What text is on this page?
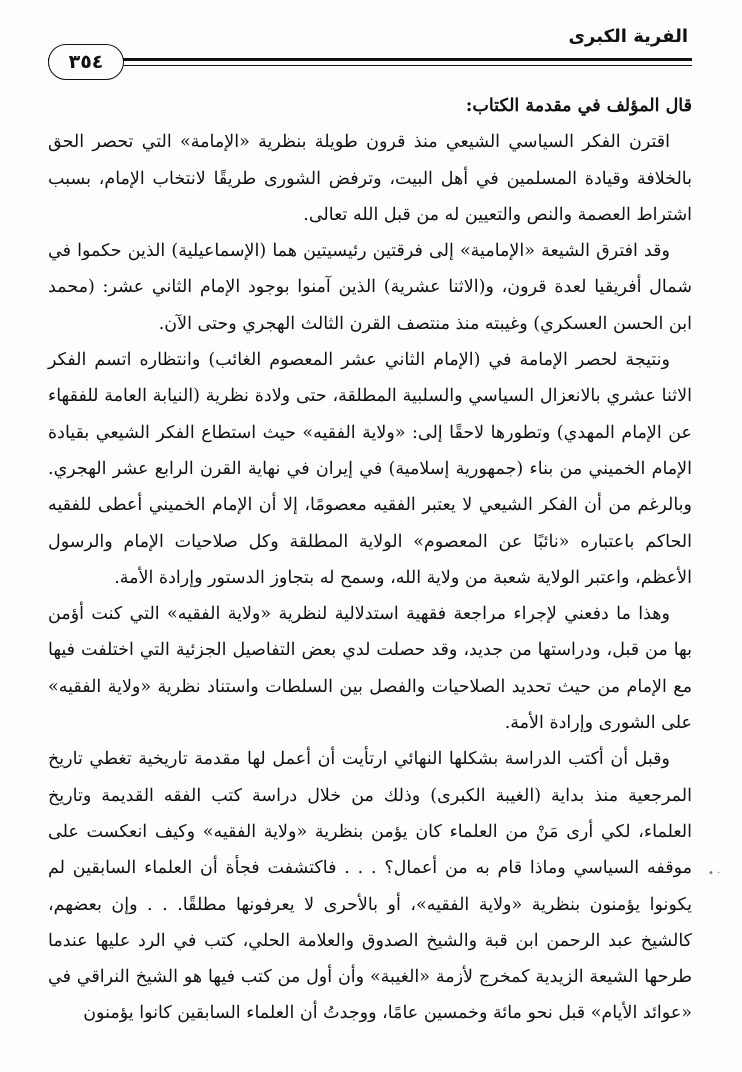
الفرية الكبرى
٣٥٤
قال المؤلف في مقدمة الكتاب:

اقترن الفكر السياسي الشيعي منذ قرون طويلة بنظرية «الإمامة» التي تحصر الحق بالخلافة وقيادة المسلمين في أهل البيت، وترفض الشورى طريقًا لانتخاب الإمام، بسبب اشتراط العصمة والنص والتعيين له من قبل الله تعالى.

وقد افترق الشيعة «الإمامية» إلى فرقتين رئيسيتين هما (الإسماعيلية) الذين حكموا في شمال أفريقيا لعدة قرون، و(الاثنا عشرية) الذين آمنوا بوجود الإمام الثاني عشر: (محمد ابن الحسن العسكري) وغيبته منذ منتصف القرن الثالث الهجري وحتى الآن.

ونتيجة لحصر الإمامة في (الإمام الثاني عشر المعصوم الغائب) وانتظاره اتسم الفكر الاثنا عشري بالانعزال السياسي والسلبية المطلقة، حتى ولادة نظرية (النيابة العامة للفقهاء عن الإمام المهدي) وتطورها لاحقًا إلى: «ولاية الفقيه» حيث استطاع الفكر الشيعي بقيادة الإمام الخميني من بناء (جمهورية إسلامية) في إيران في نهاية القرن الرابع عشر الهجري. وبالرغم من أن الفكر الشيعي لا يعتبر الفقيه معصومًا، إلا أن الإمام الخميني أعطى للفقيه الحاكم باعتباره «نائبًا عن المعصوم» الولاية المطلقة وكل صلاحيات الإمام والرسول الأعظم، واعتبر الولاية شعبة من ولاية الله، وسمح له بتجاوز الدستور وإرادة الأمة.

وهذا ما دفعني لإجراء مراجعة فقهية استدلالية لنظرية «ولاية الفقيه» التي كنت أؤمن بها من قبل، ودراستها من جديد، وقد حصلت لدي بعض التفاصيل الجزئية التي اختلفت فيها مع الإمام من حيث تحديد الصلاحيات والفصل بين السلطات واستناد نظرية «ولاية الفقيه» على الشورى وإرادة الأمة.

وقبل أن أكتب الدراسة بشكلها النهائي ارتأيت أن أعمل لها مقدمة تاريخية تغطي تاريخ المرجعية منذ بداية (الغيبة الكبرى) وذلك من خلال دراسة كتب الفقه القديمة وتاريخ العلماء، لكي أرى مَنْ من العلماء كان يؤمن بنظرية «ولاية الفقيه» وكيف انعكست على موقفه السياسي وماذا قام به من أعمال؟ . . . فاكتشفت فجأة أن العلماء السابقين لم يكونوا يؤمنون بنظرية «ولاية الفقيه»، أو بالأحرى لا يعرفونها مطلقًا. . . وإن بعضهم، كالشيخ عبد الرحمن ابن قبة والشيخ الصدوق والعلامة الحلي، كتب في الرد عليها عندما طرحها الشيعة الزيدية كمخرج لأزمة «الغيبة» وأن أول من كتب فيها هو الشيخ النراقي في «عوائد الأيام» قبل نحو مائة وخمسين عامًا، ووجدتُ أن العلماء السابقين كانوا يؤمنون

• ·
